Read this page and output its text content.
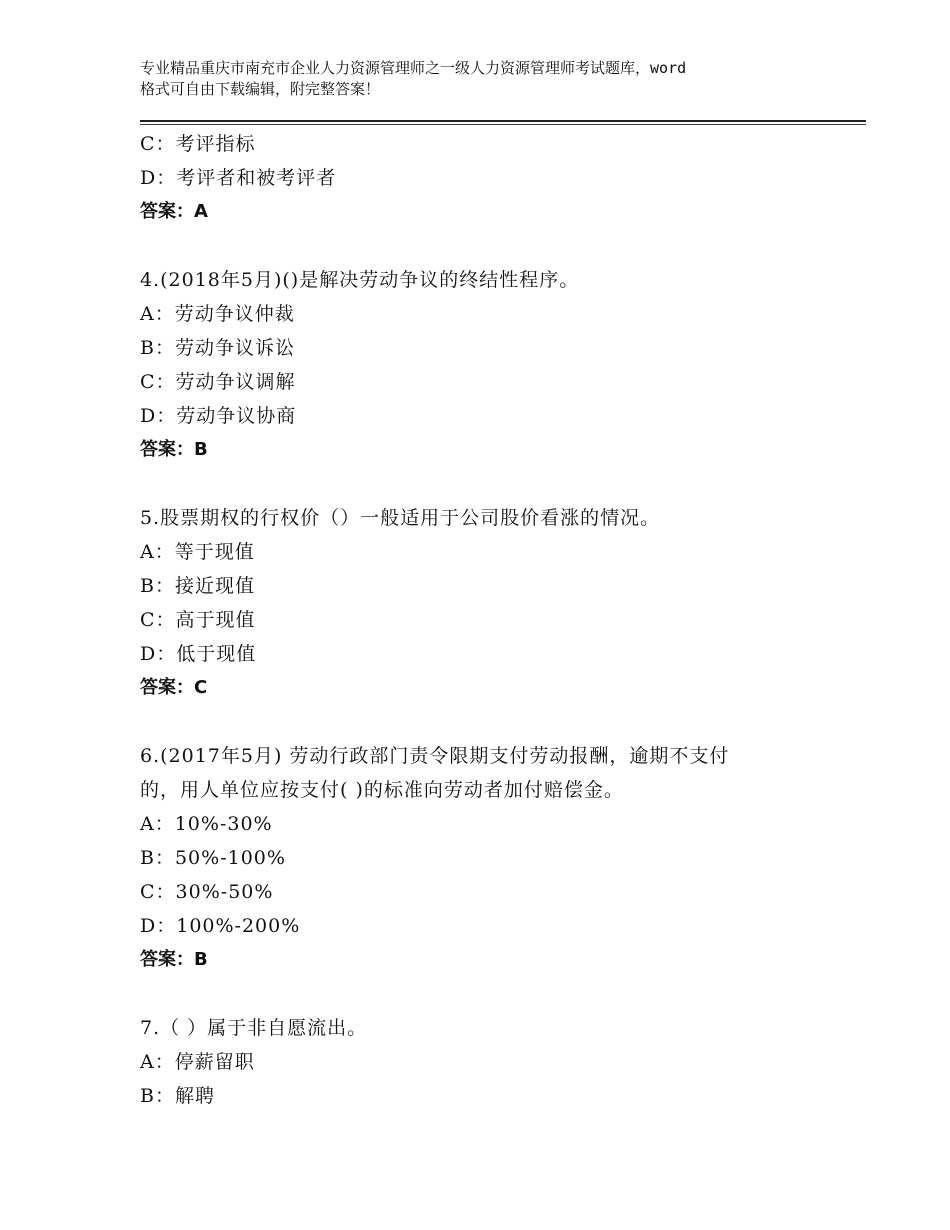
专业精品重庆市南充市企业人力资源管理师之一级人力资源管理师考试题库，word
格式可自由下载编辑，附完整答案！
C：考评指标
D：考评者和被考评者
答案：A
4.(2018年5月)()是解决劳动争议的终结性程序。
A：劳动争议仲裁
B：劳动争议诉讼
C：劳动争议调解
D：劳动争议协商
答案：B
5.股票期权的行权价（）一般适用于公司股价看涨的情况。
A：等于现值
B：接近现值
C：高于现值
D：低于现值
答案：C
6.(2017年5月) 劳动行政部门责令限期支付劳动报酬，逾期不支付
的，用人单位应按支付( )的标准向劳动者加付赔偿金。
A：10%-30%
B：50%-100%
C：30%-50%
D：100%-200%
答案：B
7.（ ）属于非自愿流出。
A：停薪留职
B：解聘
